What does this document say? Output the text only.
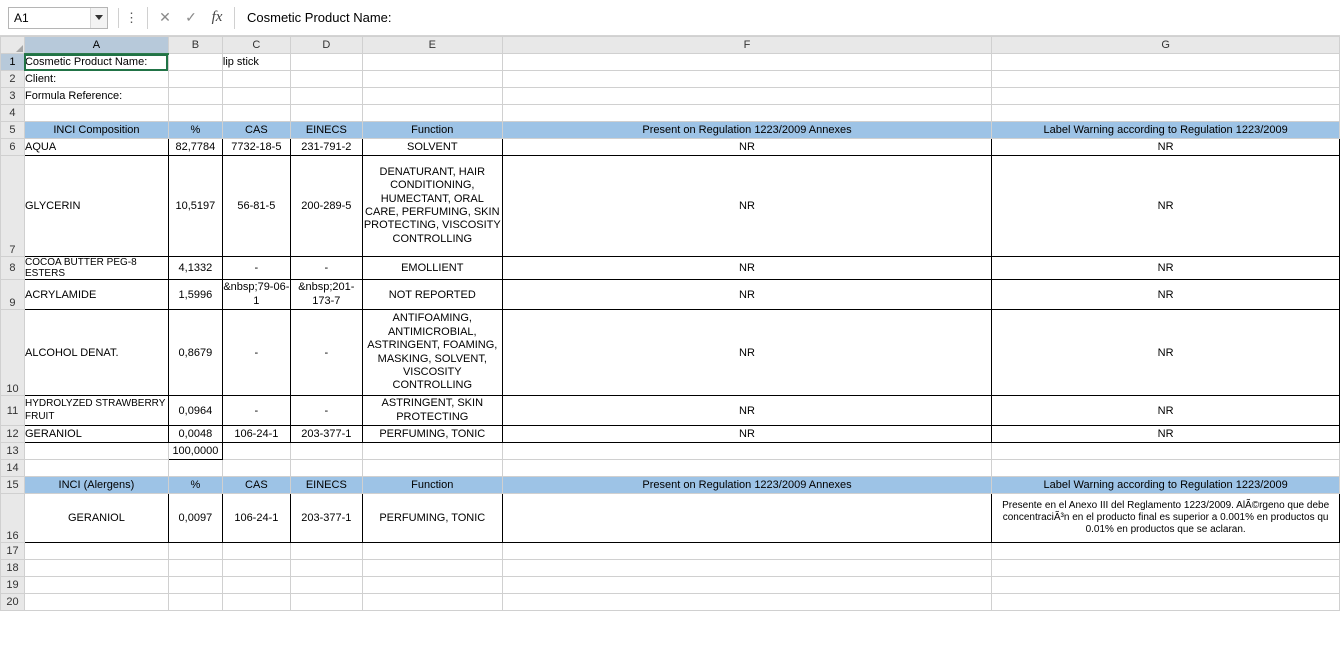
A1	⋮	✕	✓ fx	Cosmetic Product Name:
	A	B	C	D	E	F	G
1	Cosmetic Product Name:		lip stick				
2	Client:						
3	Formula Reference:						
4							
5	INCI Composition	%	CAS	EINECS	Function	Present on Regulation 1223/2009 Annexes	Label Warning according to Regulation 1223/2009
6	AQUA	82,7784	7732-18-5	231-791-2	SOLVENT	NR	NR
7	GLYCERIN	10,5197	56-81-5	200-289-5	DENATURANT, HAIR CONDITIONING, HUMECTANT, ORAL CARE, PERFUMING, SKIN PROTECTING, VISCOSITY CONTROLLING	NR	NR
8	COCOA BUTTER PEG-8 ESTERS	4,1332	-	-	EMOLLIENT	NR	NR
9	ACRYLAMIDE	1,5996	&nbsp;79-06-1	&nbsp;201-173-7	NOT REPORTED	NR	NR
10	ALCOHOL DENAT.	0,8679	-	-	ANTIFOAMING, ANTIMICROBIAL, ASTRINGENT, FOAMING, MASKING, SOLVENT, VISCOSITY CONTROLLING	NR	NR
11	HYDROLYZED STRAWBERRY FRUIT	0,0964	-	-	ASTRINGENT, SKIN PROTECTING	NR	NR
12	GERANIOL	0,0048	106-24-1	203-377-1	PERFUMING, TONIC	NR	NR
13		100,0000					
14							
15	INCI (Alergens)	%	CAS	EINECS	Function	Present on Regulation 1223/2009 Annexes	Label Warning according to Regulation 1223/2009
16	GERANIOL	0,0097	106-24-1	203-377-1	PERFUMING, TONIC		Presente en el Anexo III del Reglamento 1223/2009. AlÃ©rgeno que debe concentraciÃ³n en el producto final es superior a 0.001% en productos qu 0.01% en productos que se aclaran.
17							
18							
19							
20							
